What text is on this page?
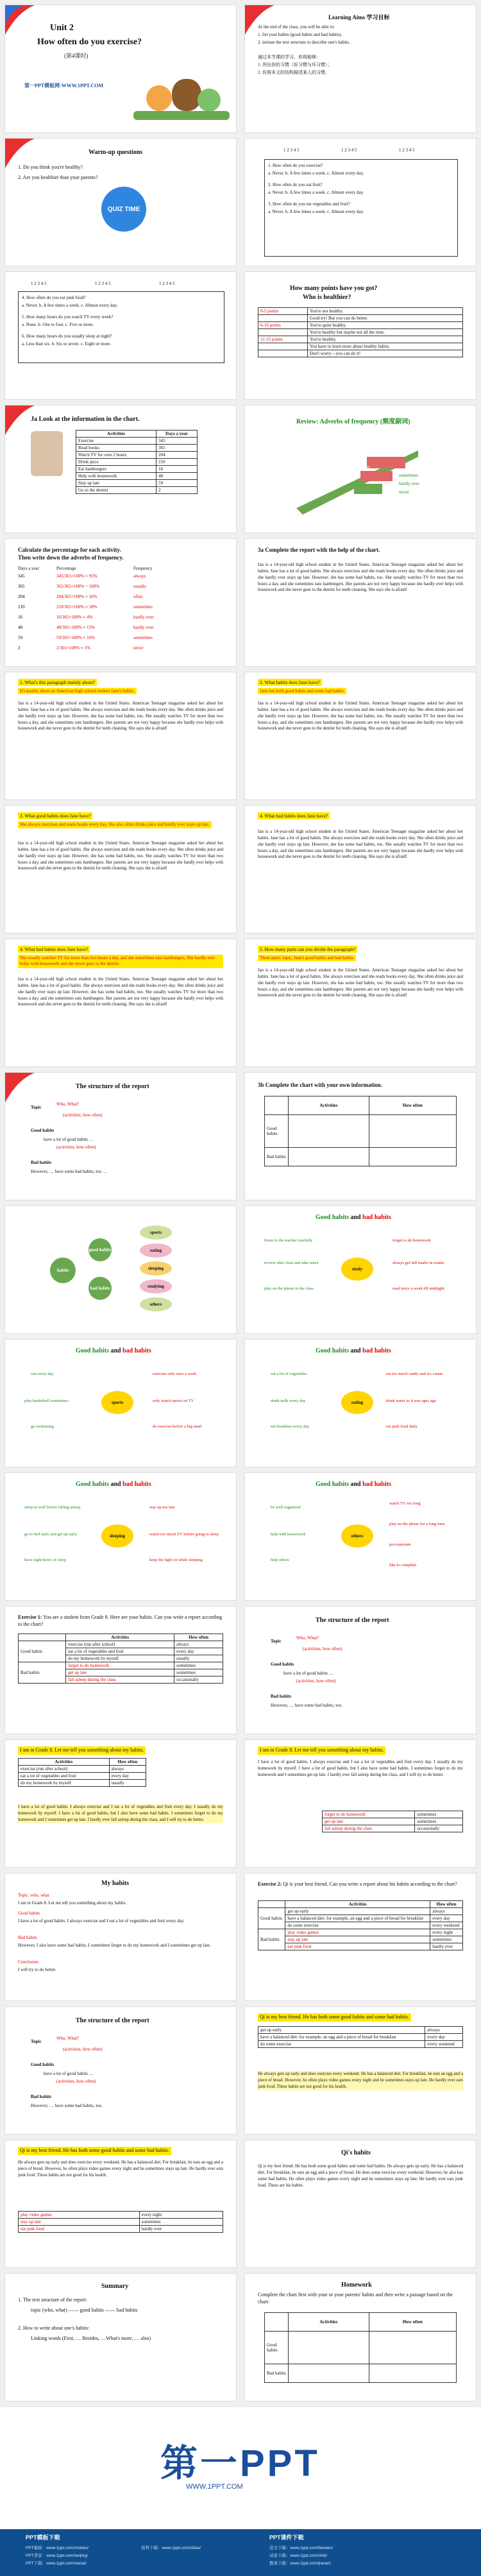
Unit 2
How often do you exercise?
(第4课时)
第一PPT模板网-WWW.1PPT.COM
Learning Aims 学习目标
At the end of the class, you will be able to:
1. list your habits (good habits and bad habits).
2. imitate the text structure to describe one's habits.
通过本节课的学习，你将能够：
1. 列出你的习惯（好习惯与坏习惯）；
2. 仿照本文的结构描述某人的习惯。
Warm-up questions
1. Do you think you're healthy?
2. Are you healthier than your parents?
QUIZ TIME
1 2 3 4 5	1 2 3 4 5	1 2 3 4 5
1. How often do you exercise?
a. Never. b. A few times a week. c. Almost every day.
2. How often do you eat fruit?
a. Never. b. A few times a week. c. Almost every day.
3. How often do you eat vegetables and fruit?
a. Never. b. A few times a week. c. Almost every day.
1 2 3 4 5	1 2 3 4 5	1 2 3 4 5
4. How often do you eat junk food?
a. Never. b. A few times a week. c. Almost every day.
5. How many hours do you watch TV every week?
a. None. b. One to four. c. Five or more.
6. How many hours do you usually sleep at night?
a. Less than six. b. Six or seven. c. Eight or more.
How many points have you got?
Who is healthier?
0-5 points	You're not healthy.
	Good try! But you can do better.
6-10 points	You're quite healthy.
	You're healthy but maybe not all the time.
11-15 points	You're healthy.
	You have to learn more about healthy habits.
	Don't worry—you can do it!
Ja Look at the information in the chart.
Activities	Days a year
Exercise	345
Read books	365
Watch TV for over 2 hours	204
Drink juice	210
Eat hamburgers	16
Help with housework	48
Stay up late	59
Go to the dentist	2
Review: Adverbs of frequency (频度副词)
always
usually
often
sometimes
hardly ever
never
Calculate the percentage for each activity.
Then write down the adverbs of frequency.
Days a year	Percentage	Frequency
345	345/365×100% ≈ 95%	always
365	365/365×100% = 100%	usually
204	204/365×100% ≈ 56%	often
210	210/365×100% ≈ 58%	sometimes
16	16/365×100% ≈ 4%	hardly ever
48	48/365×100% ≈ 13%	hardly ever
59	59/365×100% ≈ 16%	sometimes
2	2/365×100% ≈ 1%	never
3a Complete the report with the help of the chart.
Jan is a 14-year-old high school student in the United States. American Teenager magazine asked her about her habits. Jane has a lot of good habits. She always exercises and she reads books every day. She often drinks juice and she hardly ever stays up late. However, she has some bad habits, too. She usually watches TV for more than two hours a day, and she sometimes eats hamburgers. Her parents are not very happy because she hardly ever helps with housework and she never goes to the dentist for teeth cleaning. She says she is afraid!
1. What's this paragraph mainly about?
It's mainly about an American high school student Jane's habits.
Jan is a 14-year-old high school student in the United States. American Teenager magazine asked her about her habits. Jane has a lot of good habits. She always exercises and she reads books every day. She often drinks juice and she hardly ever stays up late. However, she has some bad habits, too. She usually watches TV for more than two hours a day, and she sometimes eats hamburgers. Her parents are not very happy because she hardly ever helps with housework and she never goes to the dentist for teeth cleaning. She says she is afraid!
2. What habits does Jane have?
Jane has both good habits and some bad habits.
Jan is a 14-year-old high school student in the United States. American Teenager magazine asked her about her habits. Jane has a lot of good habits. She always exercises and she reads books every day. She often drinks juice and she hardly ever stays up late. However, she has some bad habits, too. She usually watches TV for more than two hours a day, and she sometimes eats hamburgers. Her parents are not very happy because she hardly ever helps with housework and she never goes to the dentist for teeth cleaning. She says she is afraid!
3. What good habits does Jane have?
She always exercises and reads books every day. She also often drinks juice and hardly ever stays up late.
Jan is a 14-year-old high school student in the United States. American Teenager magazine asked her about her habits. Jane has a lot of good habits. She always exercises and she reads books every day. She often drinks juice and she hardly ever stays up late. However, she has some bad habits, too. She usually watches TV for more than two hours a day, and she sometimes eats hamburgers. Her parents are not very happy because she hardly ever helps with housework and she never goes to the dentist for teeth cleaning. She says she is afraid!
4. What bad habits does Jane have?
Jan is a 14-year-old high school student in the United States. American Teenager magazine asked her about her habits. Jane has a lot of good habits. She always exercises and she reads books every day. She often drinks juice and she hardly ever stays up late. However, she has some bad habits, too. She usually watches TV for more than two hours a day, and she sometimes eats hamburgers. Her parents are not very happy because she hardly ever helps with housework and she never goes to the dentist for teeth cleaning. She says she is afraid!
4. What bad habits does Jane have?
She usually watches TV for more than two hours a day, and she sometimes eats hamburgers. She hardly ever helps with housework and she never goes to the dentist.
Jan is a 14-year-old high school student in the United States. American Teenager magazine asked her about her habits. Jane has a lot of good habits. She always exercises and she reads books every day. She often drinks juice and she hardly ever stays up late. However, she has some bad habits, too. She usually watches TV for more than two hours a day, and she sometimes eats hamburgers. Her parents are not very happy because she hardly ever helps with housework and she never goes to the dentist for teeth cleaning. She says she is afraid!
5. How many parts can you divide the paragraph?
Three parts: topic, Jane's good habits and bad habits.
Jan is a 14-year-old high school student in the United States. American Teenager magazine asked her about her habits. Jane has a lot of good habits. She always exercises and she reads books every day. She often drinks juice and she hardly ever stays up late. However, she has some bad habits, too. She usually watches TV for more than two hours a day, and she sometimes eats hamburgers. Her parents are not very happy because she hardly ever helps with housework and she never goes to the dentist for teeth cleaning. She says she is afraid!
The structure of the report
Topic
Who, What?
(activities, how often)
Good habits
have a lot of good habits …
(activities, how often)
Bad habits
However, … have some bad habits, too …
3b Complete the chart with your own information.
	Activities	How often
Good habits		
Bad habits		
habits
good habits
bad habits
sports
eating
sleeping
studying
others
Good habits and bad habits
study
listen to the teacher carefully
review after class and take notes
play on the phone in the class
forget to do homework
always get full marks in exams
read twice a week till midnight
Good habits and bad habits
sports
run every day
play basketball sometimes
go swimming
exercise only once a week
only watch sports on TV
do exercise before a big meal
Good habits and bad habits
eating
eat a lot of vegetables
drink milk every day
eat breakfast every day
eat too much candy and ice cream
drink water as it was ages ago
eat junk food daily
Good habits and bad habits
sleeping
sleep in well before falling asleep
go to bed early and get up early
have eight hours of sleep
stay up too late
watch too much TV before going to sleep
keep the light on while sleeping
Good habits and bad habits
others
be well-organized
help with housework
help others
watch TV too long
play on the phone for a long time
procrastinate
like to complain
Exercise 1: You are a student from Grade 8. Here are your habits. Can you write a report according to the chart?
	Activities	How often
Good habits	exercise (run after school)	always
	eat a lot of vegetables and fruit	every day
	do my homework by myself	usually
Bad habits	forget to do homework	sometimes
	get up late	sometimes
	fall asleep during the class	occasionally
The structure of the report
Topic
Who, What?
(activities, how often)
Good habits
have a lot of good habits …
(activities, how often)
Bad habits
However, … have some bad habits, too.
I am in Grade 8. Let me tell you something about my habits.
Activities	How often
exercise (run after school)	always
eat a lot of vegetables and fruit	every day
do my homework by myself	usually
I have a lot of good habits. I always exercise and I eat a lot of vegetables and fruit every day. I usually do my homework by myself. I have a lot of good habits, but I also have some bad habits. I sometimes forget to do my homework and I sometimes get up late. I hardly ever fall asleep during the class, and I will try to do better.
I am in Grade 8. Let me tell you something about my habits.
I have a lot of good habits. I always exercise and I eat a lot of vegetables and fruit every day. I usually do my homework by myself. I have a lot of good habits, but I also have some bad habits. I sometimes forget to do my homework and I sometimes get up late. I hardly ever fall asleep during the class, and I will try to do better.
forget to do homework	sometimes
get up late	sometimes
fall asleep during the class	occasionally
My habits
Topic: who, what
I am in Grade 8. Let me tell you something about my habits.
Good habits
I have a lot of good habits. I always exercise and I eat a lot of vegetables and fruit every day.
Bad habits
However, I also have some bad habits. I sometimes forget to do my homework and I sometimes get up late.
Conclusion
I will try to do better.
Exercise 2: Qi is your best friend. Can you write a report about his habits according to the chart?
	Activities	How often
Good habits	get up early	always
	have a balanced diet: for example, an egg and a piece of bread for breakfast	every day
	do some exercise	every weekend
Bad habits	play video games	every night
	stay up late	sometimes
	eat junk food	hardly ever
The structure of the report
Topic
Who, What?
(activities, how often)
Good habits
have a lot of good habits …
(activities, how often)
Bad habits
However, … have some bad habits, too.
Qi is my best friend. He has both some good habits and some bad habits.
get up early	always
have a balanced diet: for example, an egg and a piece of bread for breakfast	every day
do some exercise	every weekend
He always gets up early and does exercise every weekend. He has a balanced diet. For breakfast, he eats an egg and a piece of bread. However, he often plays video games every night and he sometimes stays up late. He hardly ever eats junk food. These habits are not good for his health.
Qi is my best friend. He has both some good habits and some bad habits.
He always gets up early and does exercise every weekend. He has a balanced diet. For breakfast, he eats an egg and a piece of bread. However, he often plays video games every night and he sometimes stays up late. He hardly ever eats junk food. These habits are not good for his health.
play video games	every night
stay up late	sometimes
eat junk food	hardly ever
Qi's habits
Qi is my best friend. He has both some good habits and some bad habits. He always gets up early. He has a balanced diet. For breakfast, he eats an egg and a piece of bread. He does some exercise every weekend. However, he also has some bad habits. He often plays video games every night and he sometimes stays up late. He hardly ever eats junk food. These are his habits.
Summary
1. The text structure of the report:
topic (who, what) —— good habits —— bad habits
2. How to write about one's habits:
Linking words (First, … Besides, …What's more, … also)
Homework
Complete the chart first with your or your parents' habits and then write a passage based on the chart:
	Activities	How often
Good habits		
Bad habits		
第一PPT
WWW.1PPT.COM
PPT模板下载	PPT课件下载
PPT模板：www.1ppt.com/moban/
PPT背景：www.1ppt.com/beijing/
PPT下载：www.1ppt.com/xiazai/
资料下载：www.1ppt.com/ziliao/	范文下载：www.1ppt.com/fanwen/
试卷下载：www.1ppt.com/shiti/
教案下载：www.1ppt.com/jiaoan/
